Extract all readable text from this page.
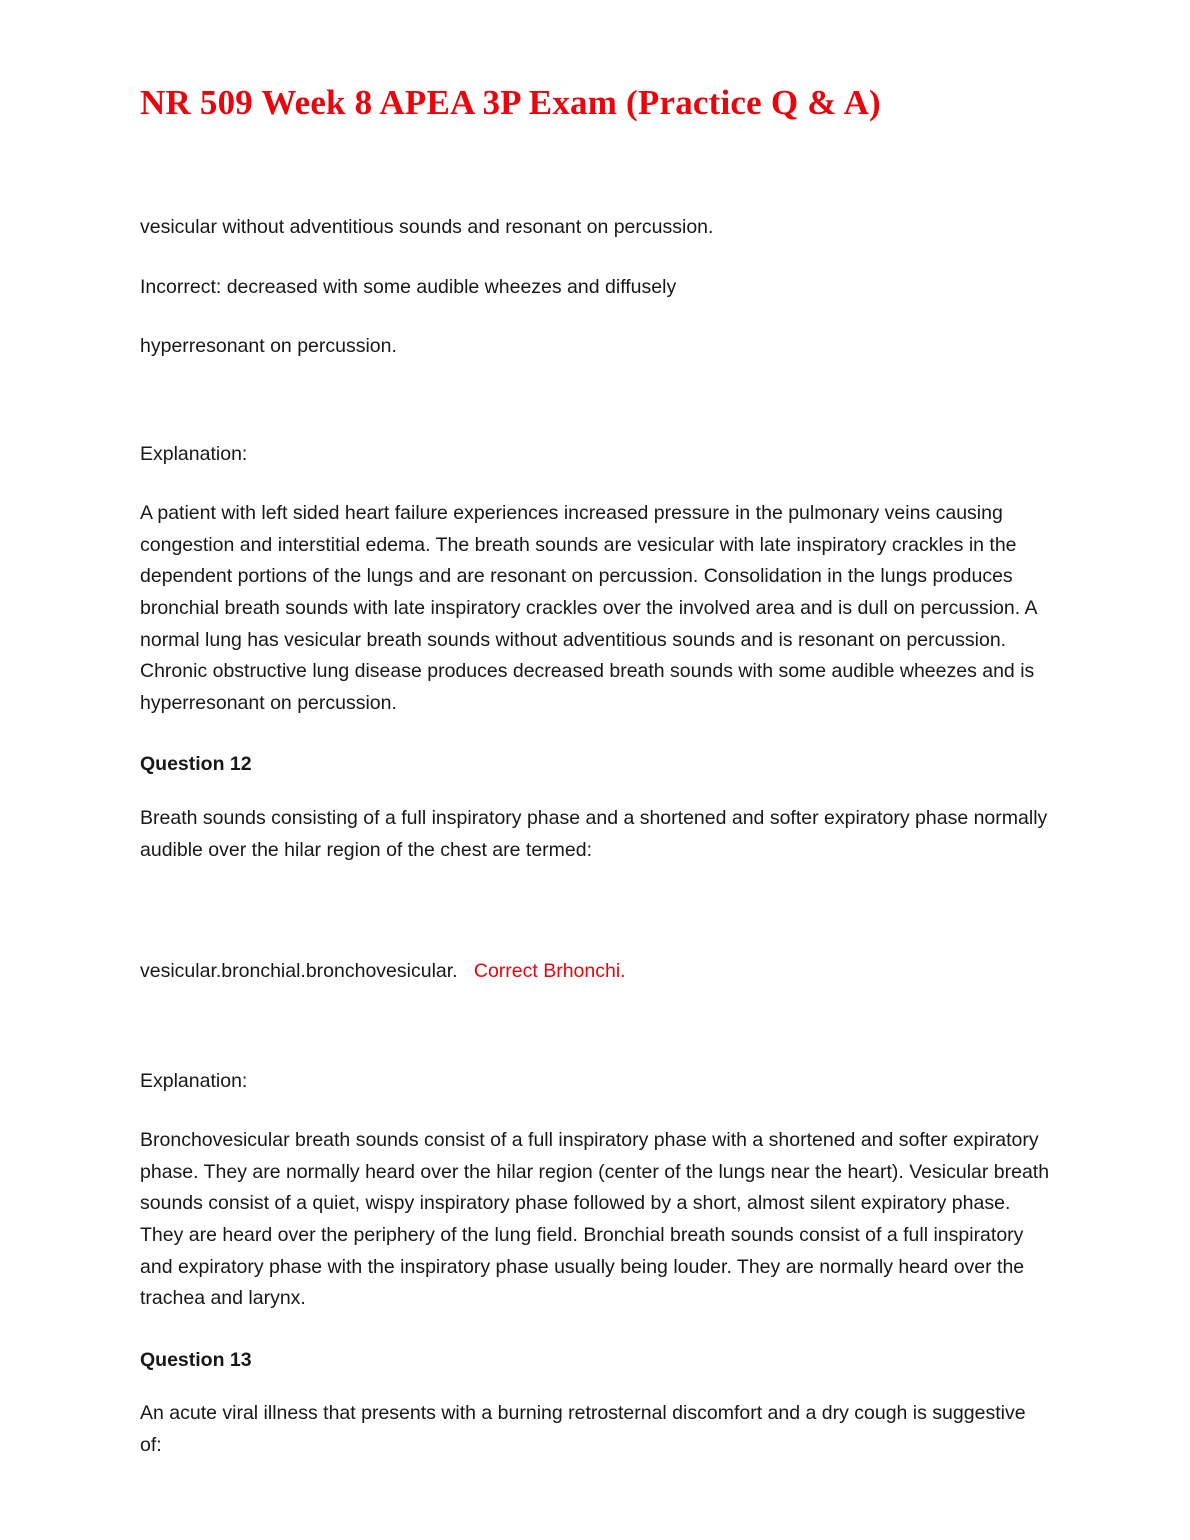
NR 509 Week 8 APEA 3P Exam (Practice Q & A)

vesicular without adventitious sounds and resonant on percussion.

Incorrect: decreased with some audible wheezes and diffusely

hyperresonant on percussion.

Explanation:

A patient with left sided heart failure experiences increased pressure in the pulmonary veins causing congestion and interstitial edema. The breath sounds are vesicular with late inspiratory crackles in the dependent portions of the lungs and are resonant on percussion. Consolidation in the lungs produces bronchial breath sounds with late inspiratory crackles over the involved area and is dull on percussion. A normal lung has vesicular breath sounds without adventitious sounds and is resonant on percussion. Chronic obstructive lung disease produces decreased breath sounds with some audible wheezes and is hyperresonant on percussion.

Question 12

Breath sounds consisting of a full inspiratory phase and a shortened and softer expiratory phase normally audible over the hilar region of the chest are termed:

vesicular.bronchial.bronchovesicular. Correct Brhonchi.

Explanation:

Bronchovesicular breath sounds consist of a full inspiratory phase with a shortened and softer expiratory phase. They are normally heard over the hilar region (center of the lungs near the heart). Vesicular breath sounds consist of a quiet, wispy inspiratory phase followed by a short, almost silent expiratory phase. They are heard over the periphery of the lung field. Bronchial breath sounds consist of a full inspiratory and expiratory phase with the inspiratory phase usually being louder. They are normally heard over the trachea and larynx.

Question 13

An acute viral illness that presents with a burning retrosternal discomfort and a dry cough is suggestive of:
